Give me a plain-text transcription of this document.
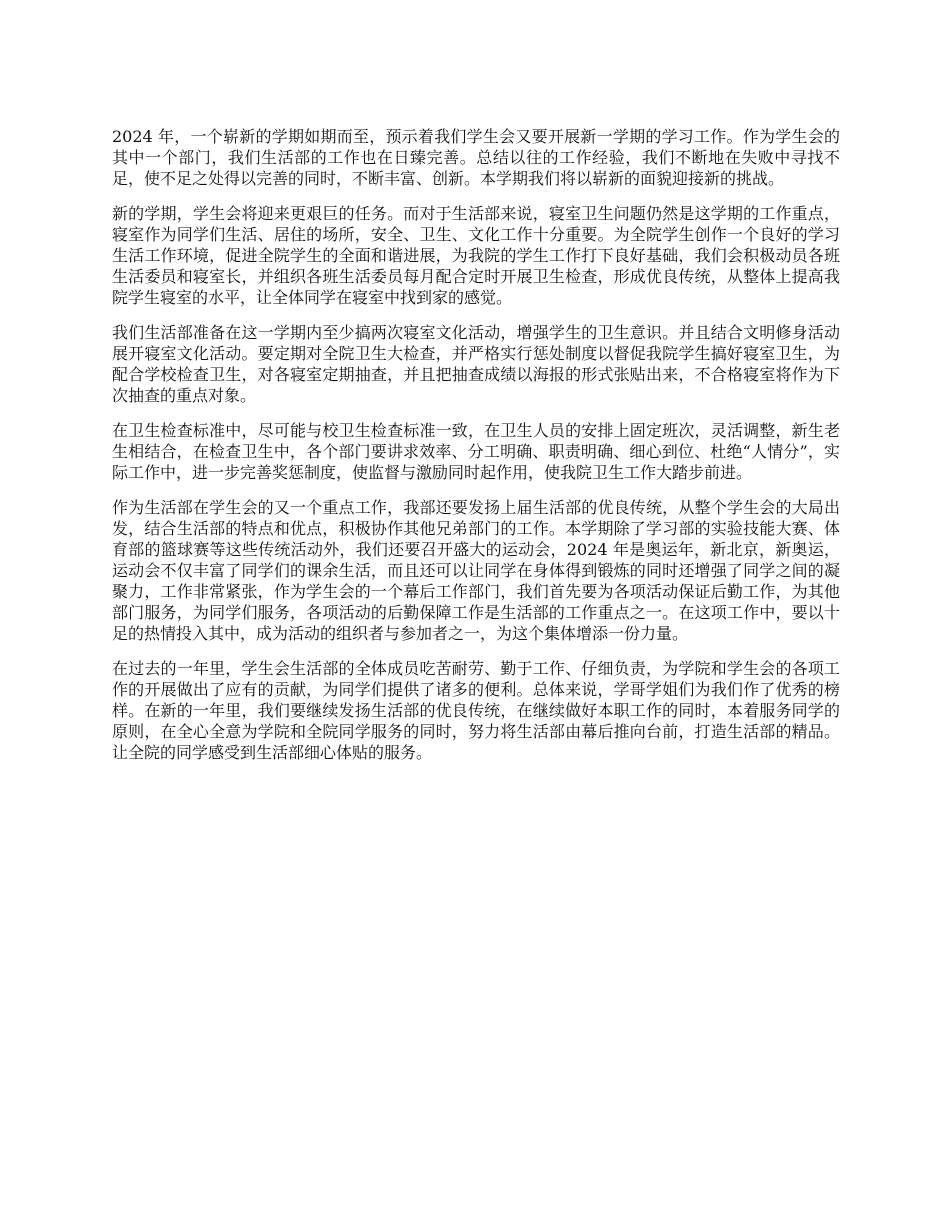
2024 年，一个崭新的学期如期而至，预示着我们学生会又要开展新一学期的学习工作。作为学生会的其中一个部门，我们生活部的工作也在日臻完善。总结以往的工作经验，我们不断地在失败中寻找不足，使不足之处得以完善的同时，不断丰富、创新。本学期我们将以崭新的面貌迎接新的挑战。

新的学期，学生会将迎来更艰巨的任务。而对于生活部来说，寝室卫生问题仍然是这学期的工作重点，寝室作为同学们生活、居住的场所，安全、卫生、文化工作十分重要。为全院学生创作一个良好的学习生活工作环境，促进全院学生的全面和谐进展，为我院的学生工作打下良好基础，我们会积极动员各班生活委员和寝室长，并组织各班生活委员每月配合定时开展卫生检查，形成优良传统，从整体上提高我院学生寝室的水平，让全体同学在寝室中找到家的感觉。

我们生活部准备在这一学期内至少搞两次寝室文化活动，增强学生的卫生意识。并且结合文明修身活动展开寝室文化活动。要定期对全院卫生大检查，并严格实行惩处制度以督促我院学生搞好寝室卫生，为配合学校检查卫生，对各寝室定期抽查，并且把抽查成绩以海报的形式张贴出来，不合格寝室将作为下次抽查的重点对象。

在卫生检查标准中，尽可能与校卫生检查标准一致，在卫生人员的安排上固定班次，灵活调整，新生老生相结合，在检查卫生中，各个部门要讲求效率、分工明确、职责明确、细心到位、杜绝“人情分”，实际工作中，进一步完善奖惩制度，使监督与激励同时起作用，使我院卫生工作大踏步前进。

作为生活部在学生会的又一个重点工作，我部还要发扬上届生活部的优良传统，从整个学生会的大局出发，结合生活部的特点和优点，积极协作其他兄弟部门的工作。本学期除了学习部的实验技能大赛、体育部的篮球赛等这些传统活动外，我们还要召开盛大的运动会，2024 年是奥运年，新北京，新奥运，运动会不仅丰富了同学们的课余生活，而且还可以让同学在身体得到锻炼的同时还增强了同学之间的凝聚力，工作非常紧张，作为学生会的一个幕后工作部门，我们首先要为各项活动保证后勤工作，为其他部门服务，为同学们服务，各项活动的后勤保障工作是生活部的工作重点之一。在这项工作中，要以十足的热情投入其中，成为活动的组织者与参加者之一，为这个集体增添一份力量。

在过去的一年里，学生会生活部的全体成员吃苦耐劳、勤于工作、仔细负责，为学院和学生会的各项工作的开展做出了应有的贡献，为同学们提供了诸多的便利。总体来说，学哥学姐们为我们作了优秀的榜样。在新的一年里，我们要继续发扬生活部的优良传统，在继续做好本职工作的同时，本着服务同学的原则，在全心全意为学院和全院同学服务的同时，努力将生活部由幕后推向台前，打造生活部的精品。让全院的同学感受到生活部细心体贴的服务。
